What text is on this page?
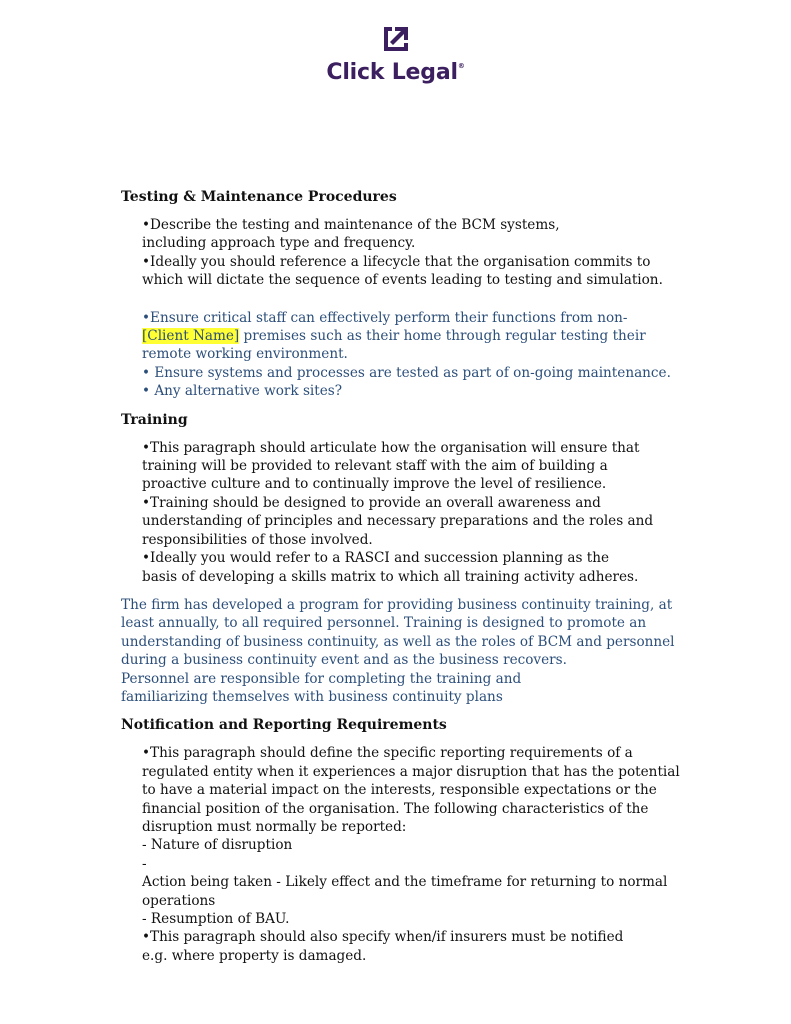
Click Legal®
Testing & Maintenance Procedures

•Describe the testing and maintenance of the BCM systems, including approach type and frequency.

•Ideally you should reference a lifecycle that the organisation commits to which will dictate the sequence of events leading to testing and simulation.

•Ensure critical staff can effectively perform their functions from non-[Client Name] premises such as their home through regular testing their remote working environment.

• Ensure systems and processes are tested as part of on-going maintenance.

• Any alternative work sites?

Training

•This paragraph should articulate how the organisation will ensure that training will be provided to relevant staff with the aim of building a proactive culture and to continually improve the level of resilience.

•Training should be designed to provide an overall awareness and understanding of principles and necessary preparations and the roles and responsibilities of those involved.

•Ideally you would refer to a RASCI and succession planning as the basis of developing a skills matrix to which all training activity adheres.

The firm has developed a program for providing business continuity training, at least annually, to all required personnel. Training is designed to promote an understanding of business continuity, as well as the roles of BCM and personnel during a business continuity event and as the business recovers.

Personnel are responsible for completing the training and familiarizing themselves with business continuity plans

Notification and Reporting Requirements

•This paragraph should define the specific reporting requirements of a regulated entity when it experiences a major disruption that has the potential to have a material impact on the interests, responsible expectations or the financial position of the organisation. The following characteristics of the disruption must normally be reported:

- Nature of disruption

-

Action being taken - Likely effect and the timeframe for returning to normal operations

- Resumption of BAU.

•This paragraph should also specify when/if insurers must be notified e.g. where property is damaged.
